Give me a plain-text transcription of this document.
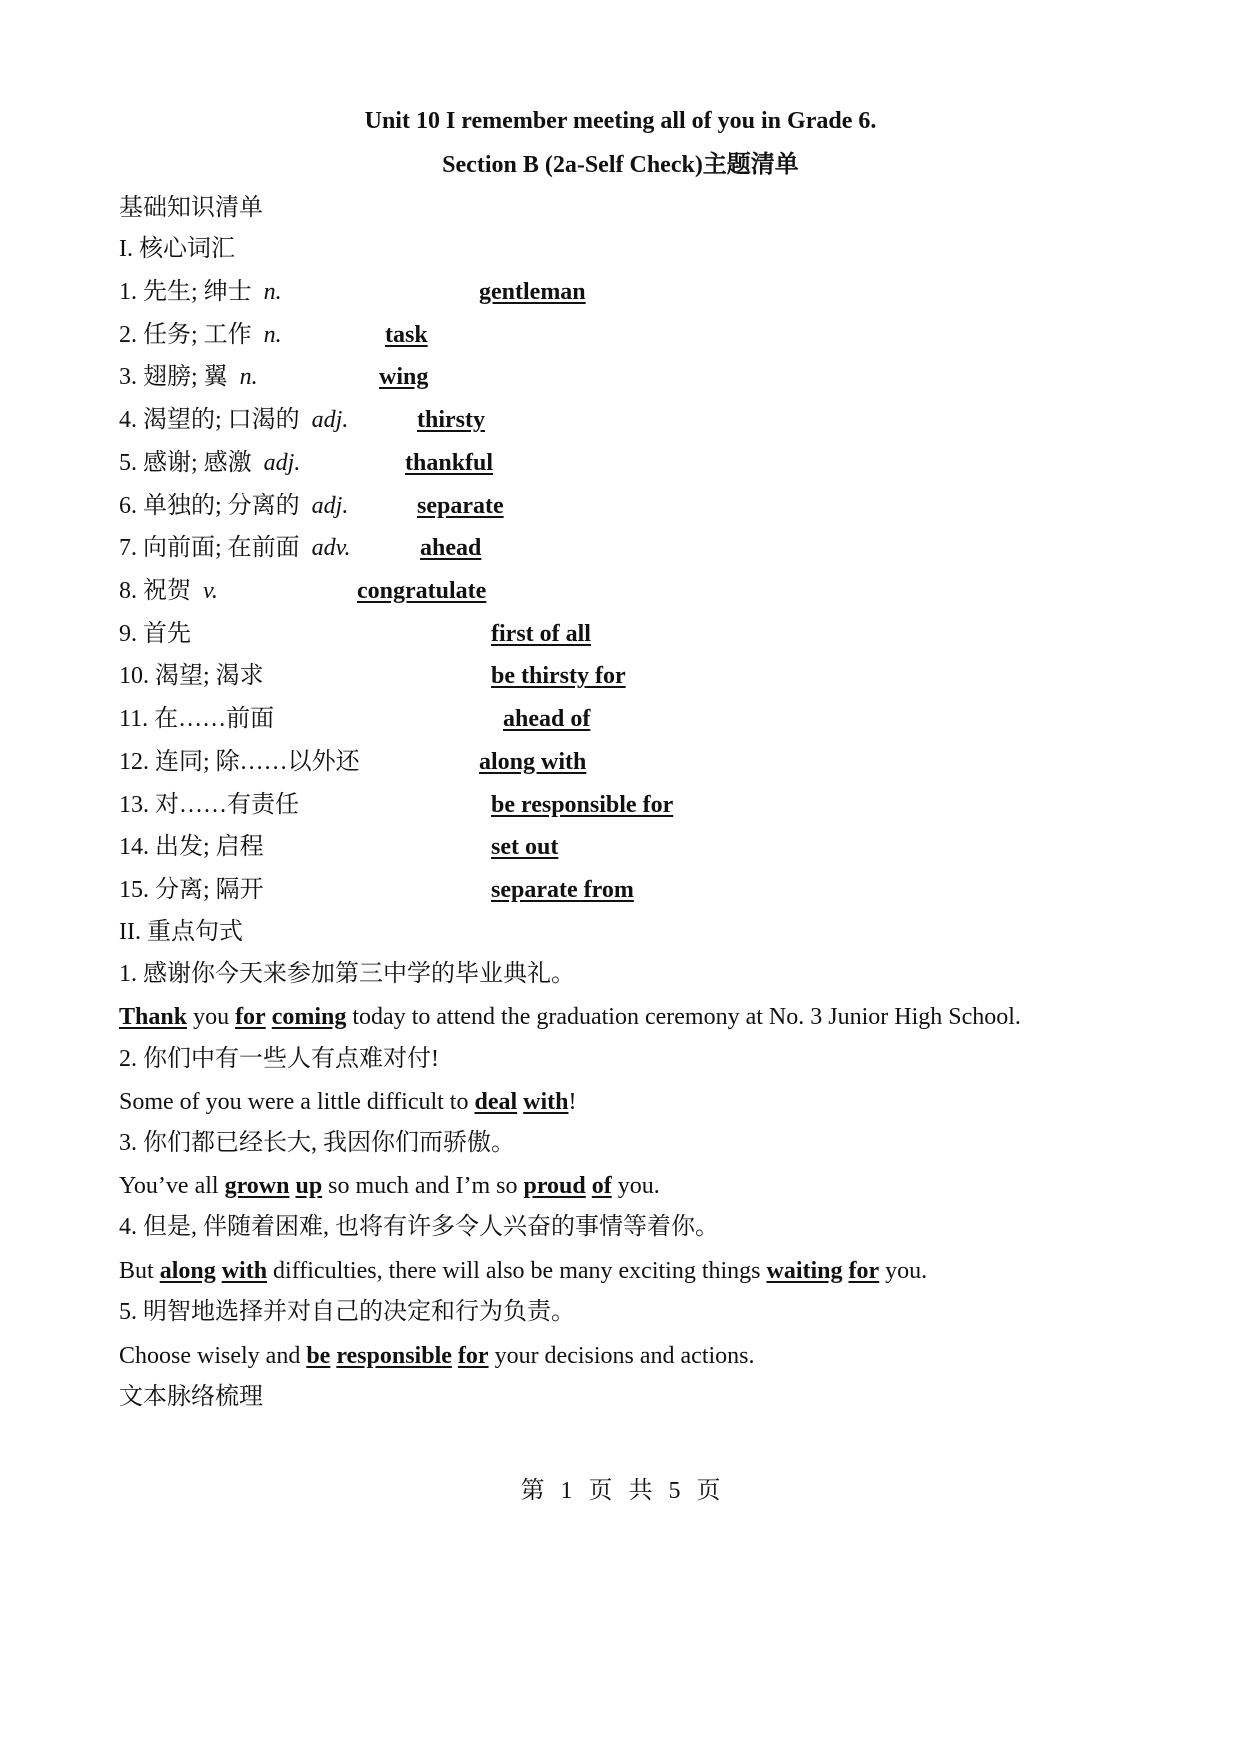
Unit 10 I remember meeting all of you in Grade 6.
Section B (2a-Self Check)主题清单

基础知识清单

I. 核心词汇

1. 先生; 绅士 n.	gentleman
2. 任务; 工作 n.	task
3. 翅膀; 翼 n.	wing
4. 渴望的; 口渴的 adj.	thirsty
5. 感谢; 感激 adj.	thankful
6. 单独的; 分离的 adj.	separate
7. 向前面; 在前面 adv.	ahead
8. 祝贺 v.	congratulate
9. 首先	first of all
10. 渴望; 渴求	be thirsty for
11. 在……前面	ahead of
12. 连同; 除……以外还	along with
13. 对……有责任	be responsible for
14. 出发; 启程	set out
15. 分离; 隔开	separate from

II. 重点句式

1. 感谢你今天来参加第三中学的毕业典礼。

Thank you for coming today to attend the graduation ceremony at No. 3 Junior High School.

2. 你们中有一些人有点难对付!

Some of you were a little difficult to deal with!

3. 你们都已经长大, 我因你们而骄傲。

You’ve all grown up so much and I’m so proud of you.

4. 但是, 伴随着困难, 也将有许多令人兴奋的事情等着你。

But along with difficulties, there will also be many exciting things waiting for you.

5. 明智地选择并对自己的决定和行为负责。

Choose wisely and be responsible for your decisions and actions.

文本脉络梳理

第 1 页 共 5 页
